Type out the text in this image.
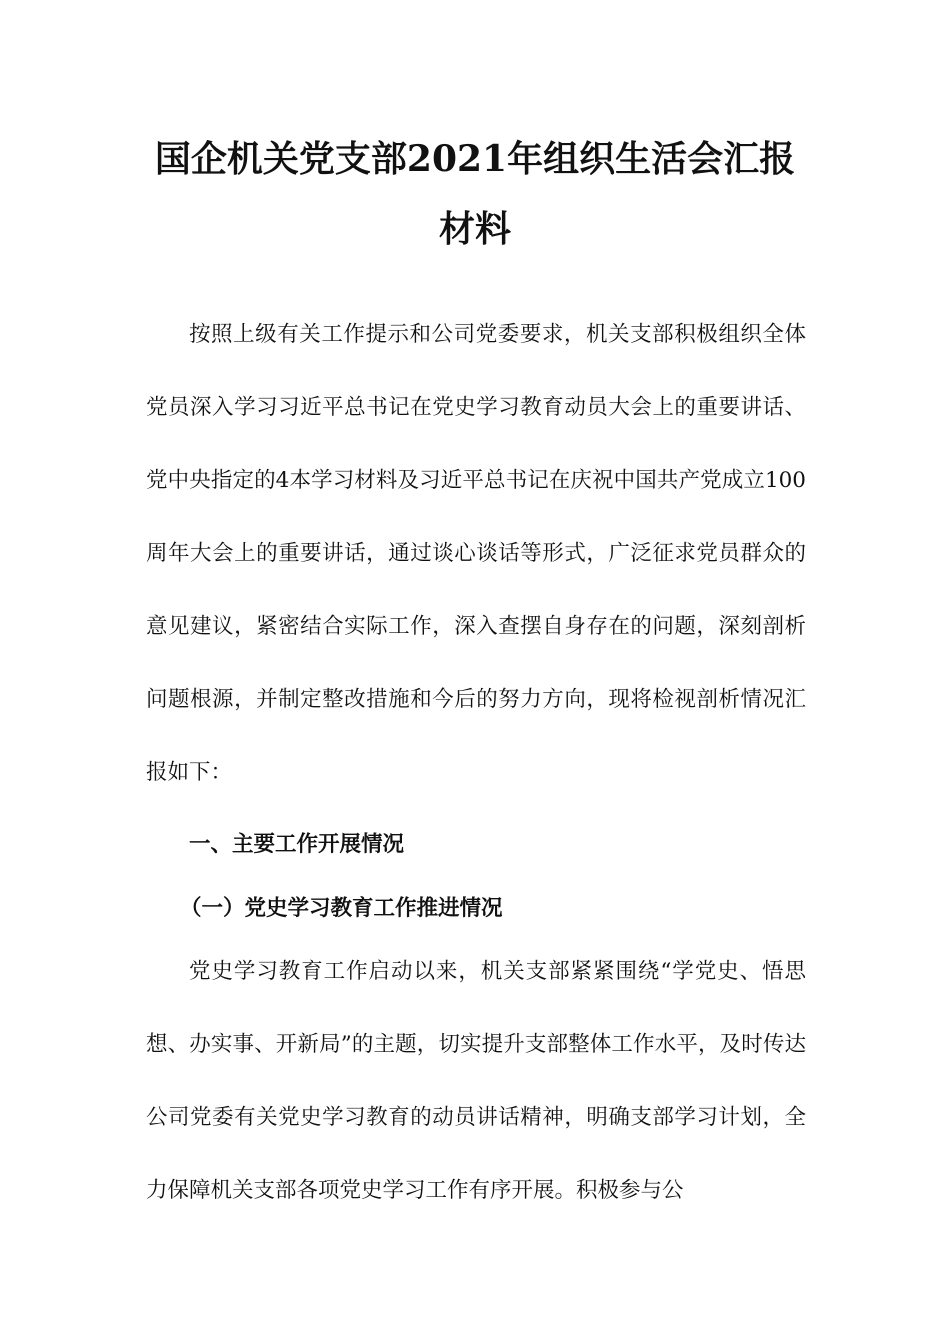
国企机关党支部2021年组织生活会汇报材料

按照上级有关工作提示和公司党委要求，机关支部积极组织全体党员深入学习习近平总书记在党史学习教育动员大会上的重要讲话、党中央指定的4本学习材料及习近平总书记在庆祝中国共产党成立100周年大会上的重要讲话，通过谈心谈话等形式，广泛征求党员群众的意见建议，紧密结合实际工作，深入查摆自身存在的问题，深刻剖析问题根源，并制定整改措施和今后的努力方向，现将检视剖析情况汇报如下：

一、主要工作开展情况
（一）党史学习教育工作推进情况

党史学习教育工作启动以来，机关支部紧紧围绕“学党史、悟思想、办实事、开新局”的主题，切实提升支部整体工作水平，及时传达公司党委有关党史学习教育的动员讲话精神，明确支部学习计划，全力保障机关支部各项党史学习工作有序开展。积极参与公
